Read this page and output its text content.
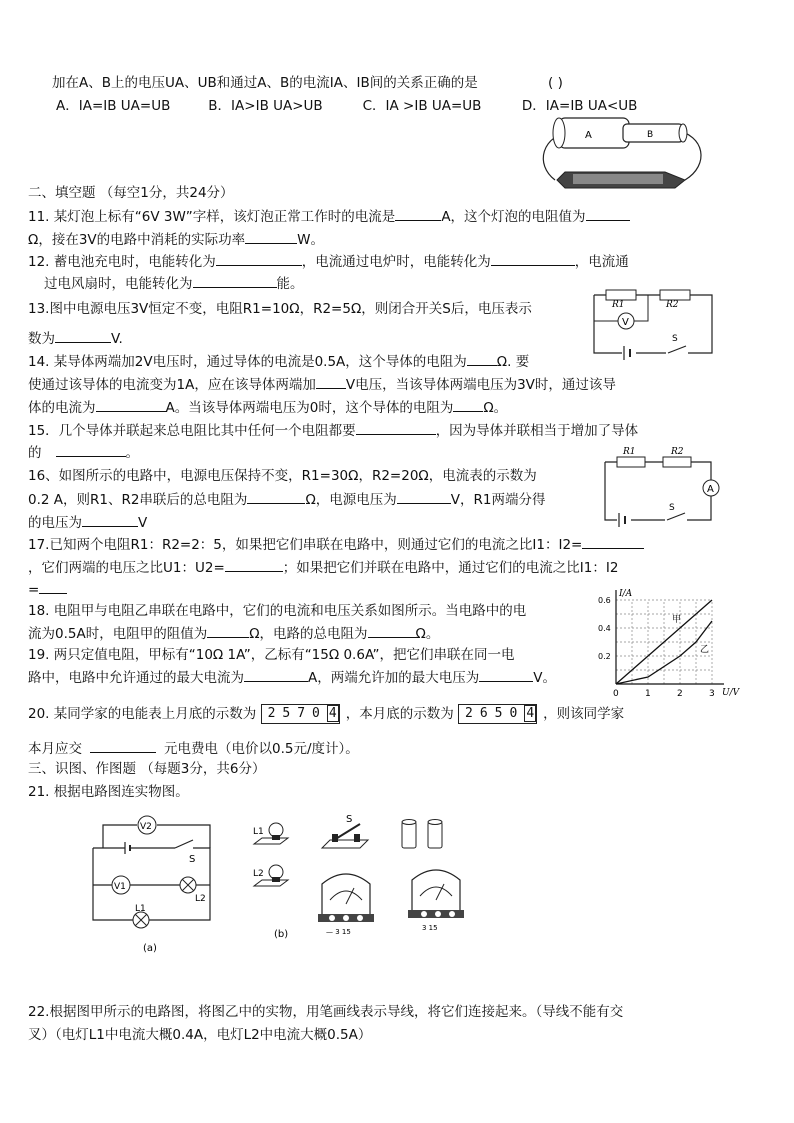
加在A、B上的电压UA、UB和通过A、B的电流IA、IB间的关系正确的是	( )
A．IA=IB UA=UB	B．IA>IB UA>UB	C．IA >IB UA=UB	D．IA=IB UA<UB
A	B
二、填空题 （每空1分，共24分）
11. 某灯泡上标有“6V 3W”字样，该灯泡正常工作时的电流是	A，这个灯泡的电阻值为
Ω，接在3V的电路中消耗的实际功率	W。
12. 蓄电池充电时，电能转化为	，电流通过电炉时，电能转化为	，电流通
过电风扇时，电能转化为	能。
13.图中电源电压3V恒定不变，电阻R1=10Ω，R2=5Ω，则闭合开关S后，电压表示
数为	V.
R1	R2
V
S
14. 某导体两端加2V电压时，通过导体的电流是0.5A，这个导体的电阻为 Ω. 要
使通过该导体的电流变为1A，应在该导体两端加 V电压，当该导体两端电压为3V时，通过该导
体的电流为	A。当该导体两端电压为0时，这个导体的电阻为 Ω。
15．几个导体并联起来总电阻比其中任何一个电阻都要	，因为导体并联相当于增加了导体
的	。
16、如图所示的电路中，电源电压保持不变，R1=30Ω，R2=20Ω，电流表的示数为
0.2 A，则R1、R2串联后的总电阻为	Ω，电源电压为	V，R1两端分得
的电压为	V
R1	R2
A
S
17.已知两个电阻R1：R2=2：5，如果把它们串联在电路中，则通过它们的电流之比I1：I2=
，它们两端的电压之比U1：U2=	；如果把它们并联在电路中，通过它们的电流之比I1：I2
=
18. 电阻甲与电阻乙串联在电路中，它们的电流和电压关系如图所示。当电路中的电
流为0.5A时，电阻甲的阻值为	Ω，电路的总电阻为	Ω。
19. 两只定值电阻，甲标有“10Ω 1A”，乙标有“15Ω 0.6A”，把它们串联在同一电
路中，电路中允许通过的最大电流为	A，两端允许加的最大电压为	V。
0	1	2	3
0.2
0.4
0.6
U/V
I/A
甲
乙
20. 某同学家的电能表上月底的示数为 2570 4 ，本月底的示数为 2650 4 ，则该同学家
本月应交	元电费电（电价以0.5元/度计）。
三、识图、作图题 （每题3分，共6分）
21. 根据电路图连实物图。
V2
S
V1
L2
L1
(a)
L1
L2
S
— 3 15	3 15
(b)
22.根据图甲所示的电路图，将图乙中的实物，用笔画线表示导线，将它们连接起来。（导线不能有交
叉）（电灯L1中电流大概0.4A，电灯L2中电流大概0.5A）
